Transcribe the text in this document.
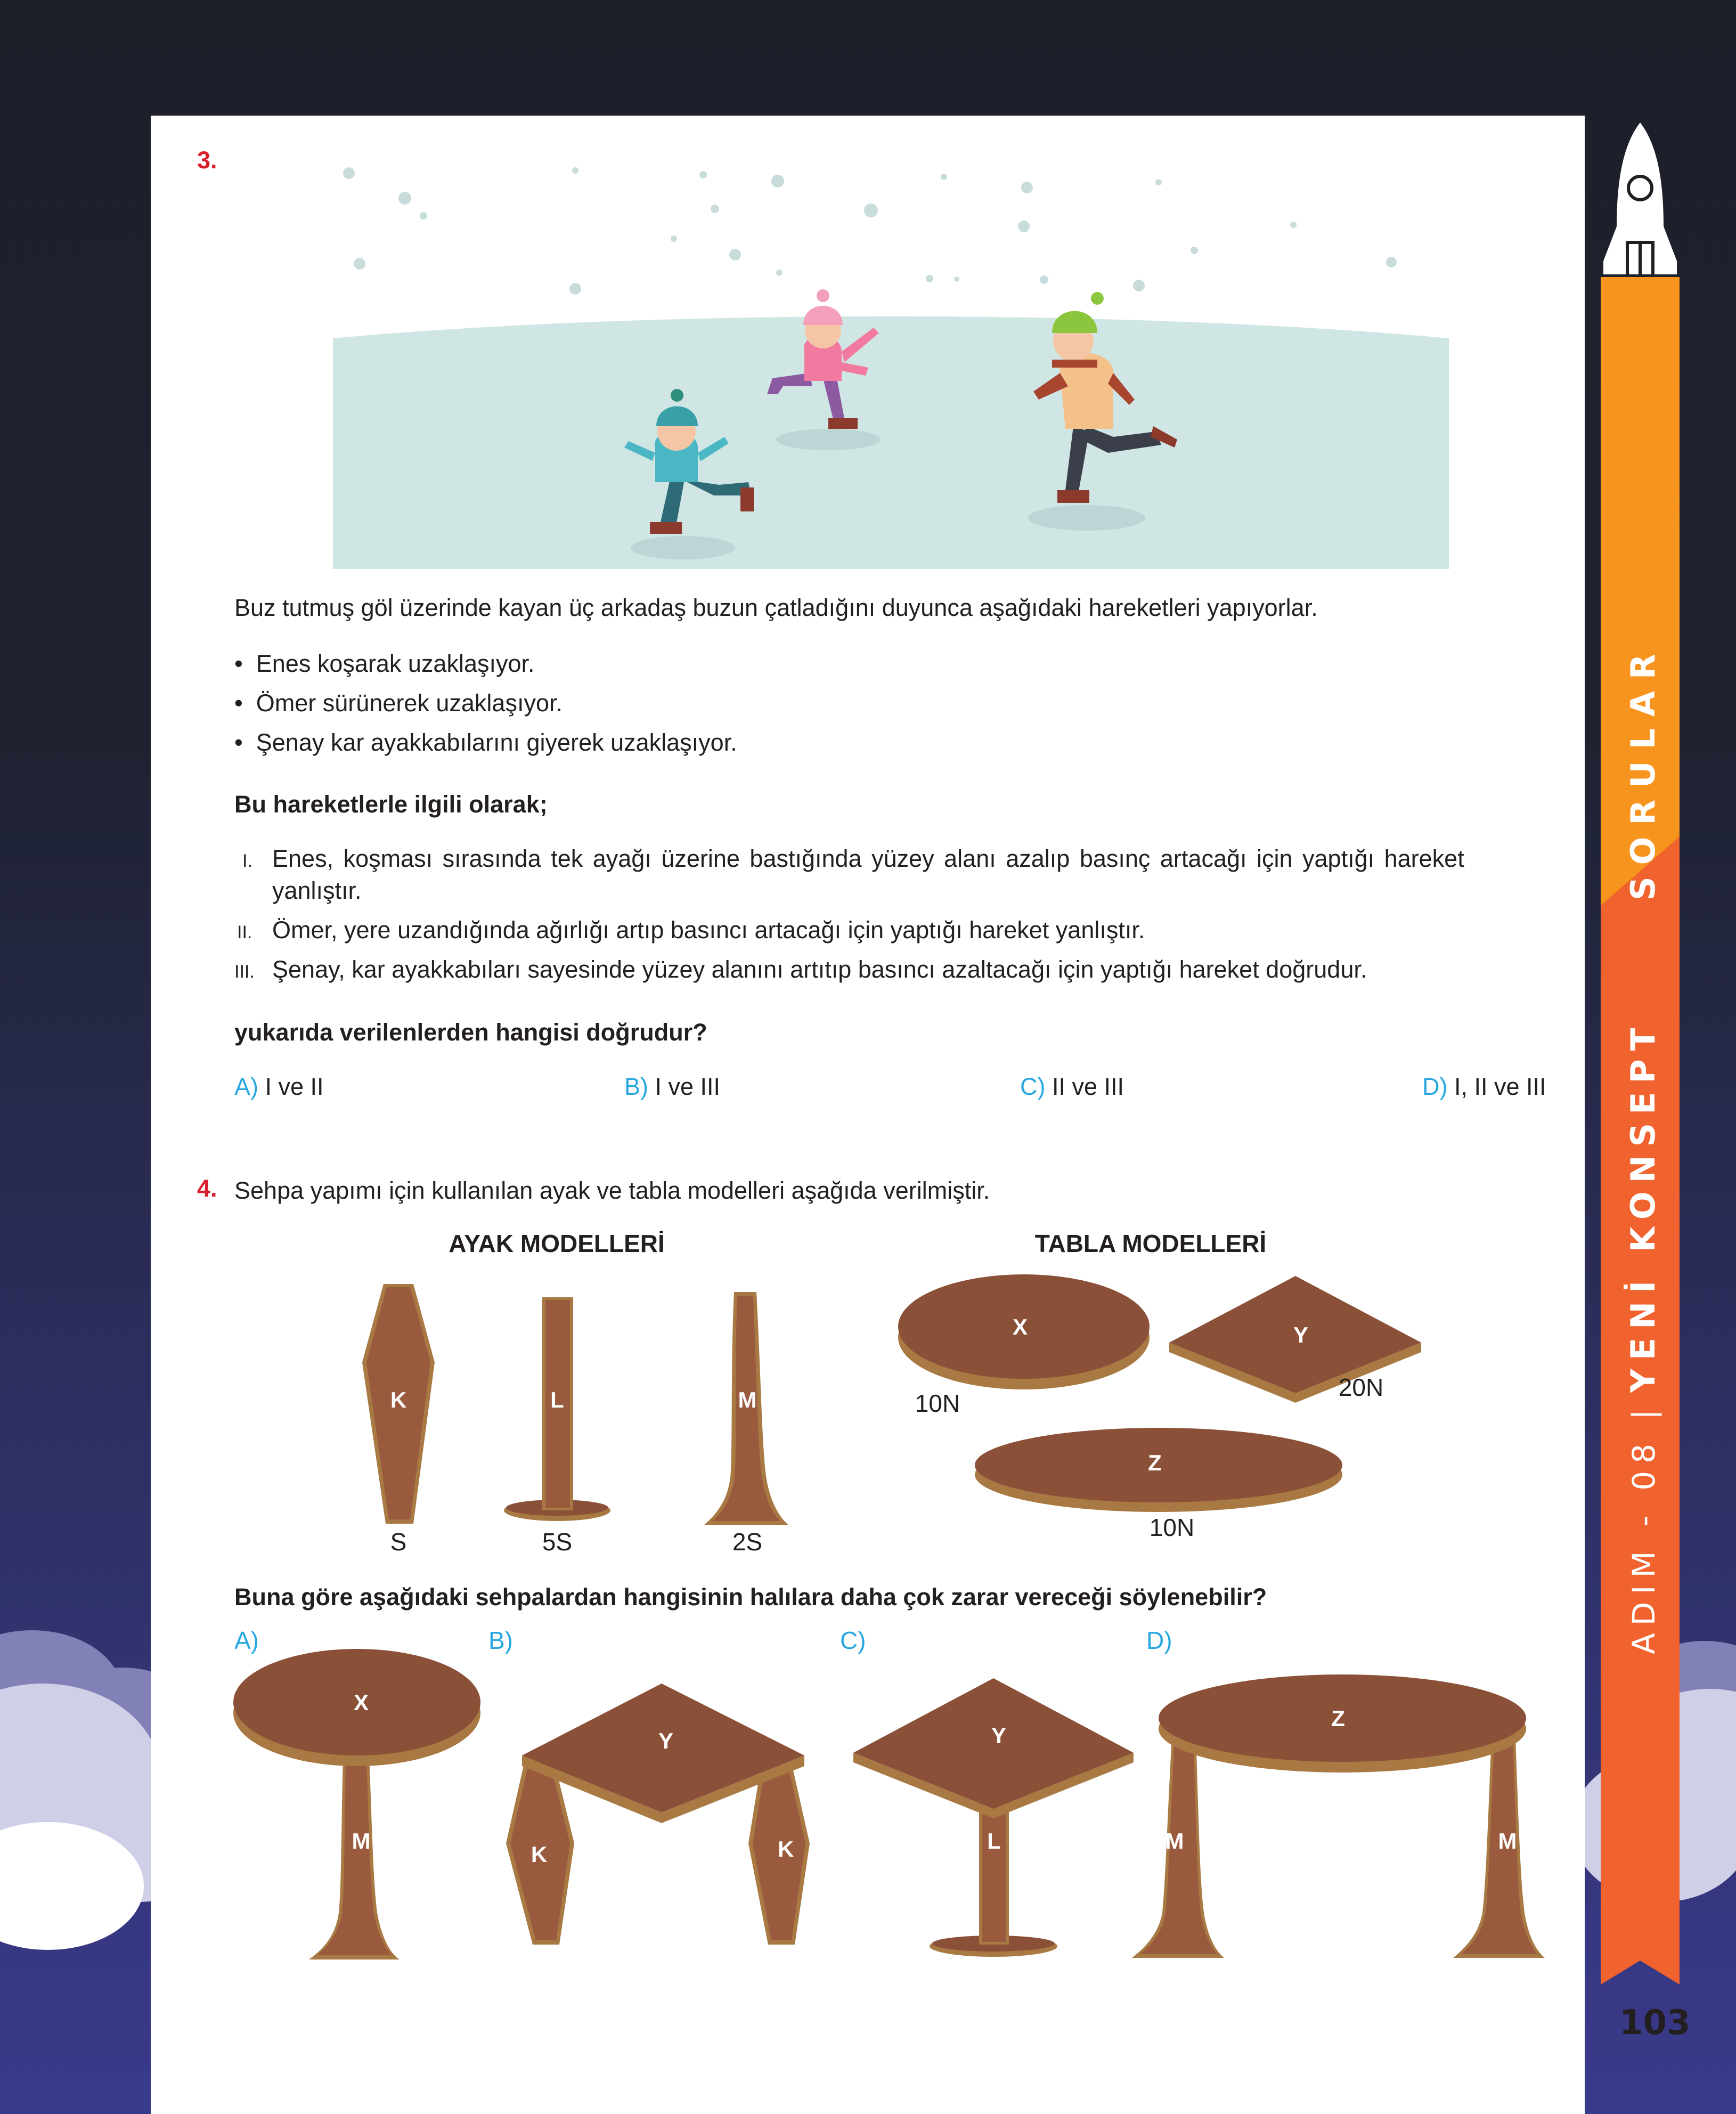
ADIM - 08 | YENİ KONSEPT
SORULAR
103
3.
Buz tutmuş göl üzerinde kayan üç arkadaş buzun çatladığını duyunca aşağıdaki hareketleri yapıyorlar.
•  Enes koşarak uzaklaşıyor.
•  Ömer sürünerek uzaklaşıyor.
•  Şenay kar ayakkabılarını giyerek uzaklaşıyor.
Bu hareketlerle ilgili olarak;
I. Enes, koşması sırasında tek ayağı üzerine bastığında yüzey alanı azalıp basınç artacağı için yaptığı hareket
yanlıştır.
II. Ömer, yere uzandığında ağırlığı artıp basıncı artacağı için yaptığı hareket yanlıştır.
III. Şenay, kar ayakkabıları sayesinde yüzey alanını artıtıp basıncı azaltacağı için yaptığı hareket doğrudur.
yukarıda verilenlerden hangisi doğrudur?
A) I ve II	B) I ve III	C) II ve III	D) I, II ve III
4. Sehpa yapımı için kullanılan ayak ve tabla modelleri aşağıda verilmiştir.
AYAK MODELLERİ	TABLA MODELLERİ
K
S
L
5S
M
2S
X
10N
Y
20N
Z
10N
Buna göre aşağıdaki sehpalardan hangisinin halılara daha çok zarar vereceği söylenebilir?
A)
X
M
B)
Y
K	K
C)
Y
L
D)
Z
M	M
